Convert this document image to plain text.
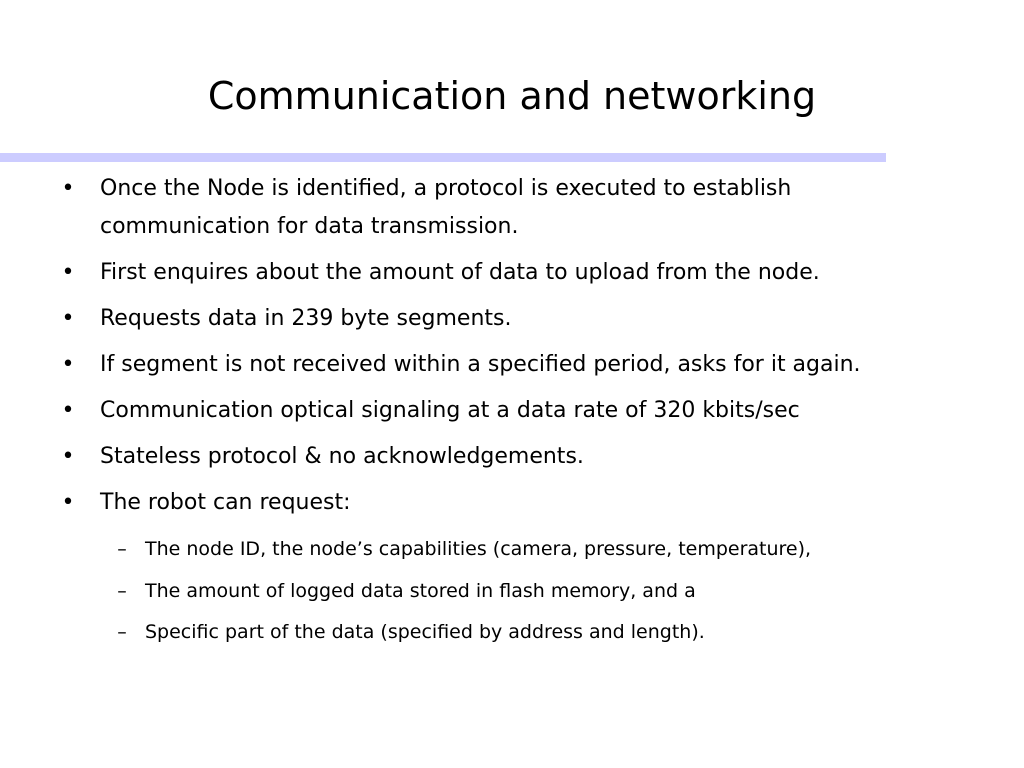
Communication and networking
• Once the Node is identified, a protocol is executed to establish communication for data transmission.
• First enquires about the amount of data to upload from the node.
• Requests data in 239 byte segments.
• If segment is not received within a specified period, asks for it again.
• Communication optical signaling at a data rate of 320 kbits/sec
• Stateless protocol & no acknowledgements.
• The robot can request:
– The node ID, the node’s capabilities (camera, pressure, temperature),
– The amount of logged data stored in flash memory, and a
– Specific part of the data (specified by address and length).
